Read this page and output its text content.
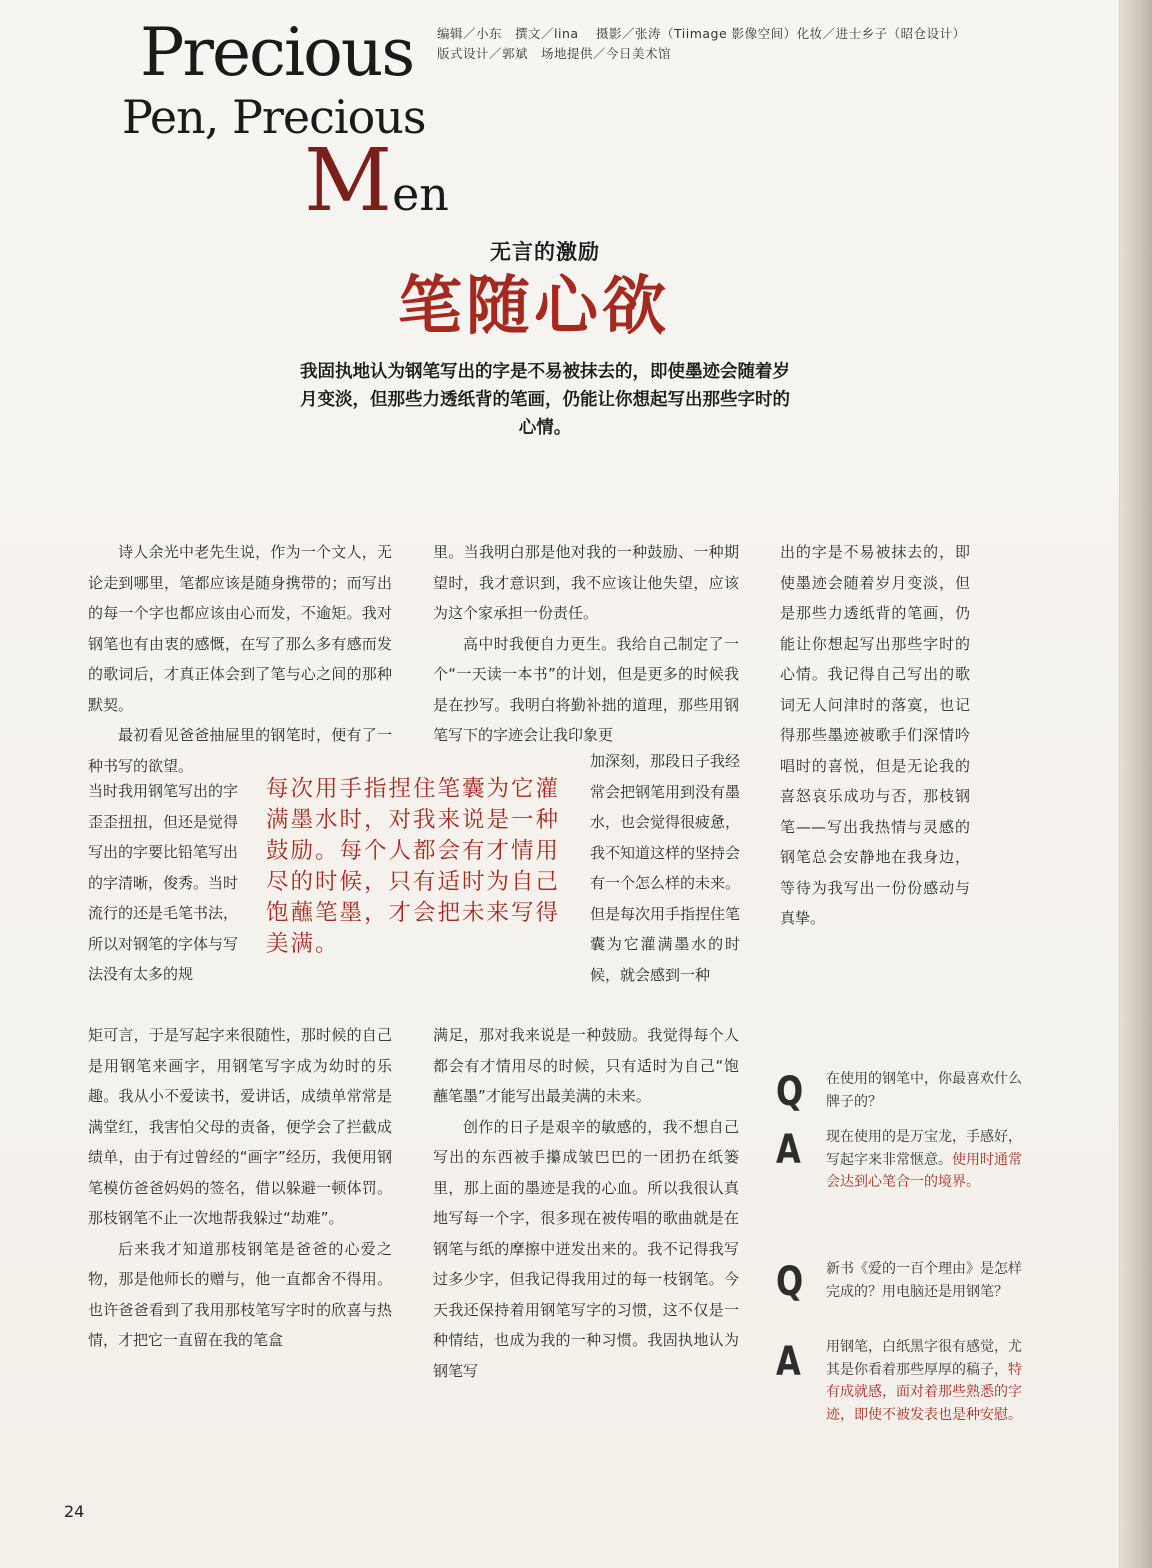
Precious
Pen, Precious
Men
编辑／小东　撰文／lina　 摄影／张涛（Tiimage 影像空间）化妆／进士乡子（昭仓设计）
版式设计／郭斌　场地提供／今日美术馆
无言的激励
笔随心欲
我固执地认为钢笔写出的字是不易被抹去的，即使墨迹会随着岁月变淡，但那些力透纸背的笔画，仍能让你想起写出那些字时的心情。

诗人余光中老先生说，作为一个文人，无论走到哪里，笔都应该是随身携带的；而写出的每一个字也都应该由心而发，不逾矩。我对钢笔也有由衷的感慨，在写了那么多有感而发的歌词后，才真正体会到了笔与心之间的那种默契。

最初看见爸爸抽屉里的钢笔时，便有了一种书写的欲望。

当时我用钢笔写出的字歪歪扭扭，但还是觉得写出的字要比铅笔写出的字清晰，俊秀。当时流行的还是毛笔书法，所以对钢笔的字体与写法没有太多的规

矩可言，于是写起字来很随性，那时候的自己是用钢笔来画字，用钢笔写字成为幼时的乐趣。我从小不爱读书，爱讲话，成绩单常常是满堂红，我害怕父母的责备，便学会了拦截成绩单，由于有过曾经的“画字”经历，我便用钢笔模仿爸爸妈妈的签名，借以躲避一顿体罚。那枝钢笔不止一次地帮我躲过“劫难”。

后来我才知道那枝钢笔是爸爸的心爱之物，那是他师长的赠与，他一直都舍不得用。也许爸爸看到了我用那枝笔写字时的欣喜与热情，才把它一直留在我的笔盒

每次用手指捏住笔囊为它灌满墨水时，对我来说是一种鼓励。每个人都会有才情用尽的时候，只有适时为自己饱蘸笔墨，才会把未来写得美满。

里。当我明白那是他对我的一种鼓励、一种期望时，我才意识到，我不应该让他失望，应该为这个家承担一份责任。

高中时我便自力更生。我给自己制定了一个“一天读一本书”的计划，但是更多的时候我是在抄写。我明白将勤补拙的道理，那些用钢笔写下的字迹会让我印象更

加深刻，那段日子我经常会把钢笔用到没有墨水，也会觉得很疲惫，我不知道这样的坚持会有一个怎么样的未来。但是每次用手指捏住笔囊为它灌满墨水的时候，就会感到一种

满足，那对我来说是一种鼓励。我觉得每个人都会有才情用尽的时候，只有适时为自己“饱蘸笔墨”才能写出最美满的未来。

创作的日子是艰辛的敏感的，我不想自己写出的东西被手攥成皱巴巴的一团扔在纸篓里，那上面的墨迹是我的心血。所以我很认真地写每一个字，很多现在被传唱的歌曲就是在钢笔与纸的摩擦中迸发出来的。我不记得我写过多少字，但我记得我用过的每一枝钢笔。今天我还保持着用钢笔写字的习惯，这不仅是一种情结，也成为我的一种习惯。我固执地认为钢笔写

出的字是不易被抹去的，即使墨迹会随着岁月变淡，但是那些力透纸背的笔画，仍能让你想起写出那些字时的心情。我记得自己写出的歌词无人问津时的落寞，也记得那些墨迹被歌手们深情吟唱时的喜悦，但是无论我的喜怒哀乐成功与否，那枝钢笔——写出我热情与灵感的钢笔总会安静地在我身边，等待为我写出一份份感动与真挚。

Q 在使用的钢笔中，你最喜欢什么牌子的？
A 现在使用的是万宝龙，手感好，写起字来非常惬意。使用时通常会达到心笔合一的境界。
Q 新书《爱的一百个理由》是怎样完成的？用电脑还是用钢笔？
A 用钢笔，白纸黑字很有感觉，尤其是你看着那些厚厚的稿子，特有成就感，面对着那些熟悉的字迹，即使不被发表也是种安慰。
24
